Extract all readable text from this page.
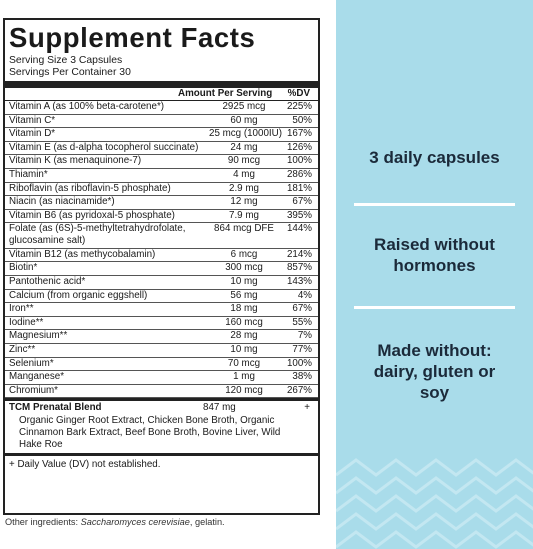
Supplement Facts
Serving Size 3 Capsules
Servings Per Container 30
Amount Per Serving %DV
Vitamin A (as 100% beta-carotene*)	2925 mcg	225%
Vitamin C*	60 mg	50%
Vitamin D*	25 mcg (1000IU) 167%
Vitamin E (as d-alpha tocopherol succinate)	24 mg	126%
Vitamin K (as menaquinone-7)	90 mcg	100%
Thiamin*	4 mg	286%
Riboflavin (as riboflavin-5 phosphate)	2.9 mg	181%
Niacin (as niacinamide*)	12 mg	67%
Vitamin B6 (as pyridoxal-5 phosphate)	7.9 mg	395%
Folate (as (6S)-5-methyltetrahydrofolate, glucosamine salt)
864 mcg DFE	144%
Vitamin B12 (as methycobalamin)	6 mcg	214%
Biotin*	300 mcg	857%
Pantothenic acid*	10 mg	143%
Calcium (from organic eggshell)	56 mg	4%
Iron**	18 mg	67%
Iodine**	160 mcg	55%
Magnesium**	28 mg	7%
Zinc**	10 mg	77%
Selenium*	70 mcg	100%
Manganese*	1 mg	38%
Chromium*	120 mcg	267%
TCM Prenatal Blend	847 mg	+
Organic Ginger Root Extract, Chicken Bone Broth, Organic Cinnamon Bark Extract, Beef Bone Broth, Bovine Liver, Wild Hake Roe
+ Daily Value (DV) not established.
Other ingredients: Saccharomyces cerevisiae, gelatin.
3 daily capsules
Raised without hormones
Made without: dairy, gluten or soy
